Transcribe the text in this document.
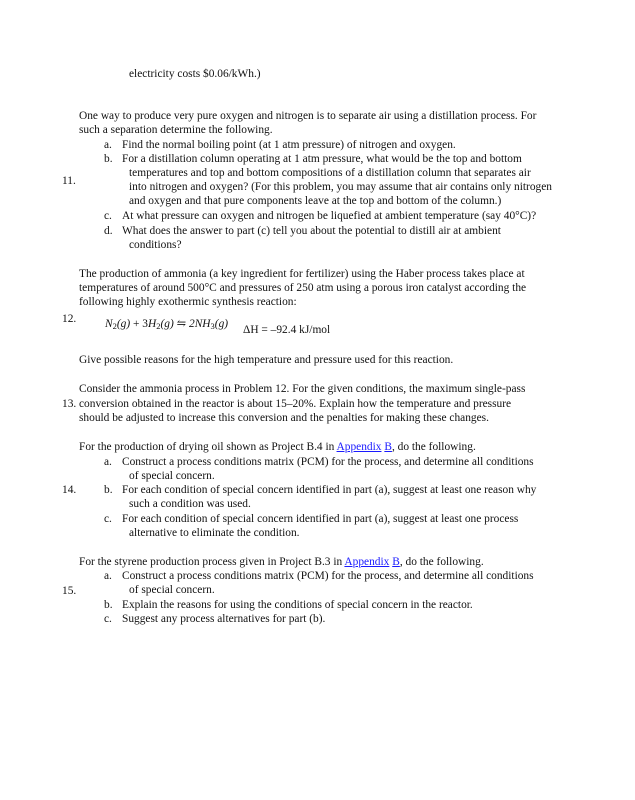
electricity costs $0.06/kWh.)
11.
One way to produce very pure oxygen and nitrogen is to separate air using a distillation process. For
such a separation determine the following.
a. Find the normal boiling point (at 1 atm pressure) of nitrogen and oxygen.
b. For a distillation column operating at 1 atm pressure, what would be the top and bottom
temperatures and top and bottom compositions of a distillation column that separates air
into nitrogen and oxygen? (For this problem, you may assume that air contains only nitrogen
and oxygen and that pure components leave at the top and bottom of the column.)
c. At what pressure can oxygen and nitrogen be liquefied at ambient temperature (say 40°C)?
d. What does the answer to part (c) tell you about the potential to distill air at ambient
conditions?
12.
The production of ammonia (a key ingredient for fertilizer) using the Haber process takes place at
temperatures of around 500°C and pressures of 250 atm using a porous iron catalyst according the
following highly exothermic synthesis reaction:
$N_2(g) + 3H_2(g)$ ⇋ $2NH_3(g) \Delta H = -92.4$ kJ/mol
Give possible reasons for the high temperature and pressure used for this reaction.
13.
Consider the ammonia process in Problem 12. For the given conditions, the maximum single-pass
conversion obtained in the reactor is about 15–20%. Explain how the temperature and pressure
should be adjusted to increase this conversion and the penalties for making these changes.
14.
For the production of drying oil shown as Project B.4 in Appendix B, do the following.
a. Construct a process conditions matrix (PCM) for the process, and determine all conditions
of special concern.
b. For each condition of special concern identified in part (a), suggest at least one reason why
such a condition was used.
c. For each condition of special concern identified in part (a), suggest at least one process
alternative to eliminate the condition.
15.
For the styrene production process given in Project B.3 in Appendix B, do the following.
a. Construct a process conditions matrix (PCM) for the process, and determine all conditions
of special concern.
b. Explain the reasons for using the conditions of special concern in the reactor.
c. Suggest any process alternatives for part (b).
